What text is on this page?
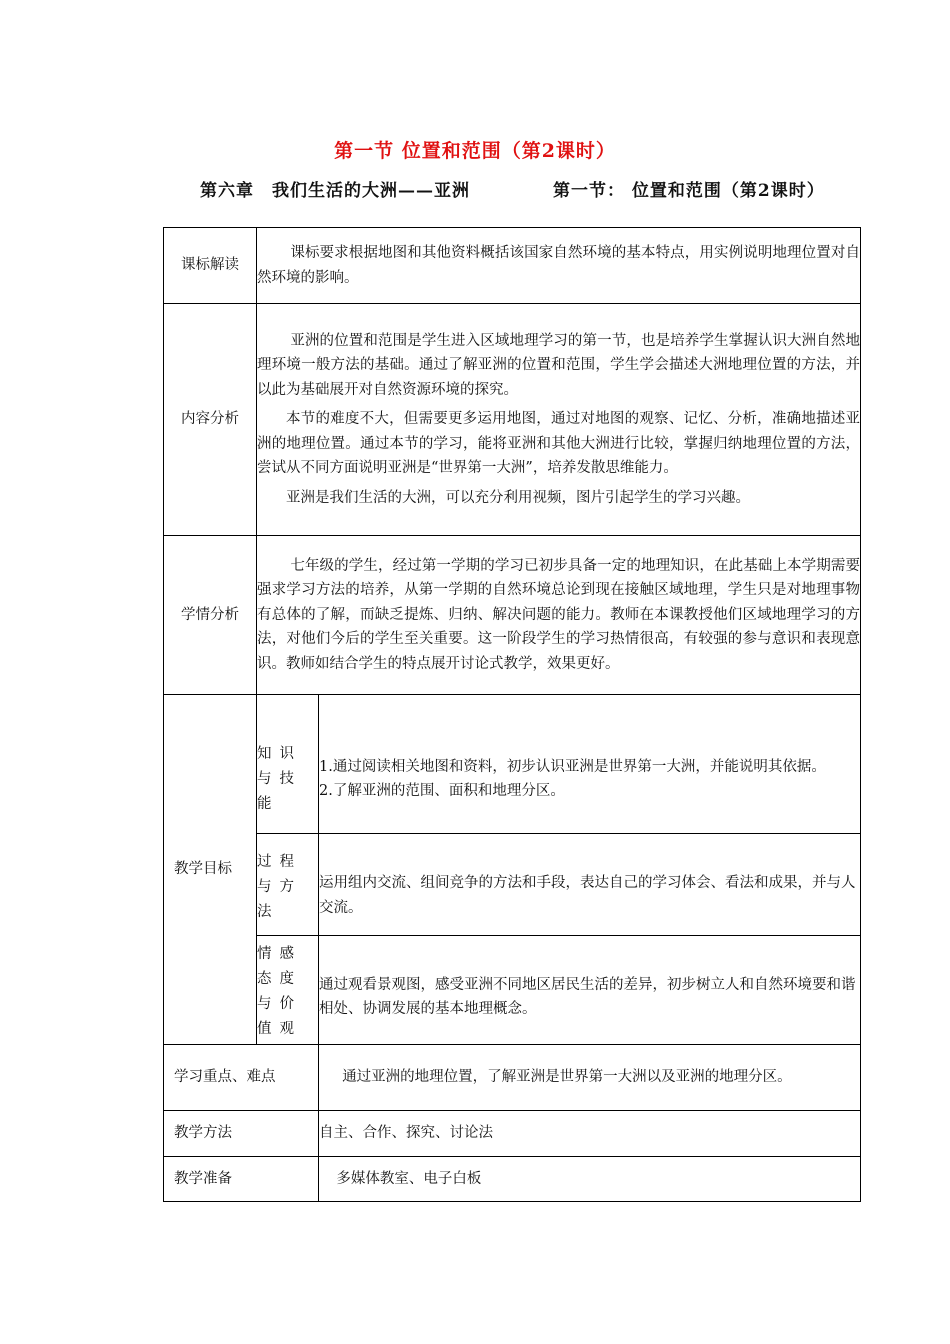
第一节 位置和范围（第2课时）
第六章　我们生活的大洲——亚洲	第一节： 位置和范围（第2课时）
课标解读	课标要求根据地图和其他资料概括该国家自然环境的基本特点，用实例说明地理位置对自然环境的影响。	

内容分析	亚洲的位置和范围是学生进入区域地理学习的第一节，也是培养学生掌握认识大洲自然地理环境一般方法的基础。通过了解亚洲的位置和范围，学生学会描述大洲地理位置的方法，并以此为基础展开对自然资源环境的探究。

本节的难度不大，但需要更多运用地图，通过对地图的观察、记忆、分析，准确地描述亚洲的地理位置。通过本节的学习，能将亚洲和其他大洲进行比较，掌握归纳地理位置的方法，尝试从不同方面说明亚洲是“世界第一大洲”，培养发散思维能力。

亚洲是我们生活的大洲，可以充分利用视频，图片引起学生的学习兴趣。	

学情分析	七年级的学生，经过第一学期的学习已初步具备一定的地理知识，在此基础上本学期需要强求学习方法的培养，从第一学期的自然环境总论到现在接触区域地理，学生只是对地理事物有总体的了解，而缺乏提炼、归纳、解决问题的能力。教师在本课教授他们区域地理学习的方法，对他们今后的学生至关重要。这一阶段学生的学习热情很高，有较强的参与意识和表现意识。教师如结合学生的特点展开讨论式教学，效果更好。	

教学目标	知识与技能	1.通过阅读相关地图和资料，初步认识亚洲是世界第一大洲，并能说明其依据。

2.了解亚洲的范围、面积和地理分区。

	过程与方法	运用组内交流、组间竞争的方法和手段，表达自己的学习体会、看法和成果，并与人交流。

	情感态度与价值观	通过观看景观图，感受亚洲不同地区居民生活的差异，初步树立人和自然环境要和谐相处、协调发展的基本地理概念。

学习重点、难点		通过亚洲的地理位置，了解亚洲是世界第一大洲以及亚洲的地理分区。

教学方法		自主、合作、探究、讨论法

教学准备		多媒体教室、电子白板
